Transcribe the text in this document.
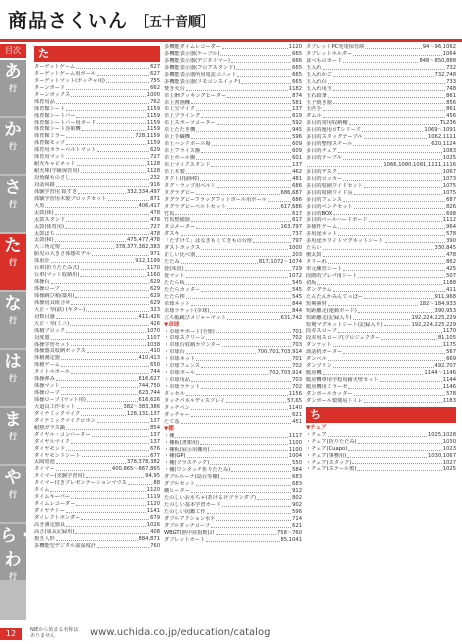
商品さくいん ［五十音順］
目次
あ
行
か
行
さ
行
た
行
な
行
は
行
ま
行
や
行
ら・わ
行
た
ターゲットゲーム	627
ターゲットゲーム用ボール	627
ターゲットマット(ボッチャ用)	755
ターンボード	662
ターンボックス	1000
体育用品	762
体育館シート	1159
体育館シートバー	1159
体育館シートバー用ボード	1159
体育館シート巻取機	1159
体育館ミラー	728,1159
体育館モップ	1159
体育用カラーベルトマット	629
体育用マット	727
耐火キャビネット	1128
耐火庫(学級保管用)	1128
対角線ものさし	232
対話回路	916
体験学習用 鉛すき	332,334,497
体験学習用木製ブロックセット	871
大黒	406,417
太鼓(体)	478
太鼓スタンド	478
太鼓(体育用)	727
太鼓ばち	478
太鼓(和)	475,477,478
大三角定規	378,377,382,383
胎児の大きさ体感モデル	971
体重計	912,1199
台車(折りたたみ式)	1170
台車(マット収納用)	1160
体操台	629
体操ロープ	629
体操跳び箱(薬用)	629
体操用具組合せ	629
大正・琴(鉄) (ギター)	323
対数目盛	411,426
大正・琴(ミニ)	426
体積ブロック	1070
対度器	1107
体操学習セット	1038
体操器具収納ボックス	410
体積測定器	410,413
体積ゲーム	650
タイトルボール	744
体操弾み	616,627
体操マット	744,750
体操ロープ	623,744
体操ロープ (マット用)	616,626
大道具工作セット	382〜383,386
ダイナミックマイク	128,131,137
ダイナミックマイクロホン	137
耐熱ガラス鍋	854
ダイヤル・コンバーター	137
ダイヤルマイク	137
ダイヤモンド	676
ダイヤモンドシート	677
太陽電池	378,378,382
タイマー	400,865〜867,865
タイマー(実験学習用)	94,95
タイマー付きプレゼンテーションマウス	88
タイム	1120
タイムキーパー	1119
タイムレコーダー	1120
ダイヤナトー	1141
ダイレクトボンダー	679
高き測定器具	1026
高さ(成長記録用)	408
抱き人形	884,871
多機能型デジタル温湿度計	760
多機能ダイムレコーダー	1120
多機能表示器(ケーブル)	665
多機能表示器(デジタイマー)	666
多機能表示器(フロアスタンド)	665
多機能表示器所用電流ユニット	665
多機能表示器(リモコンスイッチ)	665
焚き火台	1182
卓上IHクッキングヒーター	874
卓上書画機	581
卓上宝マイク	137
卓上プライング	619
卓上スポーツコーター	592
卓上たたき機	945
卓上手織機	596
卓上ハンドボール場	609
卓上フライス盤	609
卓上ボール盤	601
卓上マイクスタンド	137
卓上木製	462
タクト(指揮棒)	481
タグ・ラップ用ベルト	686
タグラグビー	686,687
タグラグビーフラッグフットボール用ボール	686
タグラグビーベルトセット	617,686
竹馬	617
竹馬整備器	617
タコメーター	163,797
ダスキ	737
「たすけて」はなきもくてきもの台座	797
ダストボックス	1000
正しい比べ器	203
たたみ	817,1072〜1074
畳(床畳)	729
畳マット	1072
たたら板	545
たたらカッター	545
たたら棒	545
卓球ネット	844
卓球ラケット(卓球)	844
立ち幅跳びメジャーマット	631,742
▼卓球
・卓球サポート(全球)	701
・卓球スクリーン	702
・卓球台収納カウンター	703
・卓球台	700,701,703,914
・卓球ネット	701
・卓球フェンス	702
・卓球ボール	702,703,914
・卓球用品	703
・卓球ラケット	702
タッセル	1156
タッチパネルディスプレイ	57,65
タッチペン	1140
ダッチャー	621
たて基	451
▼棚
・棚	1117
・棚板(書架用)	1100
・棚板(展示用棚用)	1100
・棚(GP)	1004
・棚(プラスチック)	550
・棚(ワンタッチ折りたたみ)	584
ダブルルーナ(島台等棚)	683
ダブルセット	683
棚ヒーター	912
たのしいおもちゃ(あけるけプランダブ)	802
たのしい基本学習カード	902
たのしい図鑑工作	596
ダブルアクション水平	714
ダブルダッチロープ	621
WBGT(熱中症指数)計	758〜760
ダブレットカート	85,1041
タブレットPC充電保管庫	94〜96,1062
タブレットホルダー	1064
食べものカード	848〜850,888
玉入れ	732
玉入れかご	732,748
玉入れ台	733
玉入れ用玉	748
玉石鉛筆	861
玉子焼き器	856
玉匹手	861
ダムル	456
多目的常用収納棚	TL236
多目的運用ロTシリーズ	1069〜1091
多目的スタッグテーブル	1062,1111
多目的整理スチール	620,1124
多目的チェア	1083
多目的テーブル	1025
1066,1080,1081,1111,1116
多目的デスク	1067
多目的ロッカー	1073
多目的収納ワイドセット	1075
多目的収納ワイド長	1075
多目的フェンス	687
多目的ベンチセット	826
多目的BOX	698
多目的ベールハードボード	1112
多様性ゲーム	964
多用途ネット	578
多用途ホワイトマグネットシート	390
たらい	330,845
檀太鼓	478
タリーれ	862
単元練習シート	425
段階的プレパ用シート	507
切坂	1188
ダングラム	411
たんたんかみんてっぽー	911,968
短期素材	182〜184,933
短距離走(運動ボード)	390,953
短距離走(記録入り)	192,224,225,229
短期マグネットシート(記録入り)	192,224,225,229
段差スロープ	1170
段差用スロープ(プロジェクター	81,105
ダンケット	1175
談話机ガーター	567
ダンベル	669
ダンプリン	492,707
暖房機	1144〜1146
暖房機専用学校用耐火壁セット	1144
暖房機用ミラーゼ	1146
ダンボールカッター	578
ダンボール製簡易トイレ	1183
ち
▼チェア
・チェア	1025,1028
・チェア(折りたたみ)	1030
・チェア(Cuapo)	1023
・チェア(事務用)	1030,1067
・チェア(スタック)	1027
・チェア(ステール製)	1025
12	NIEから始まる名称は
ありません	www.uchida.co.jp/education/catalog
